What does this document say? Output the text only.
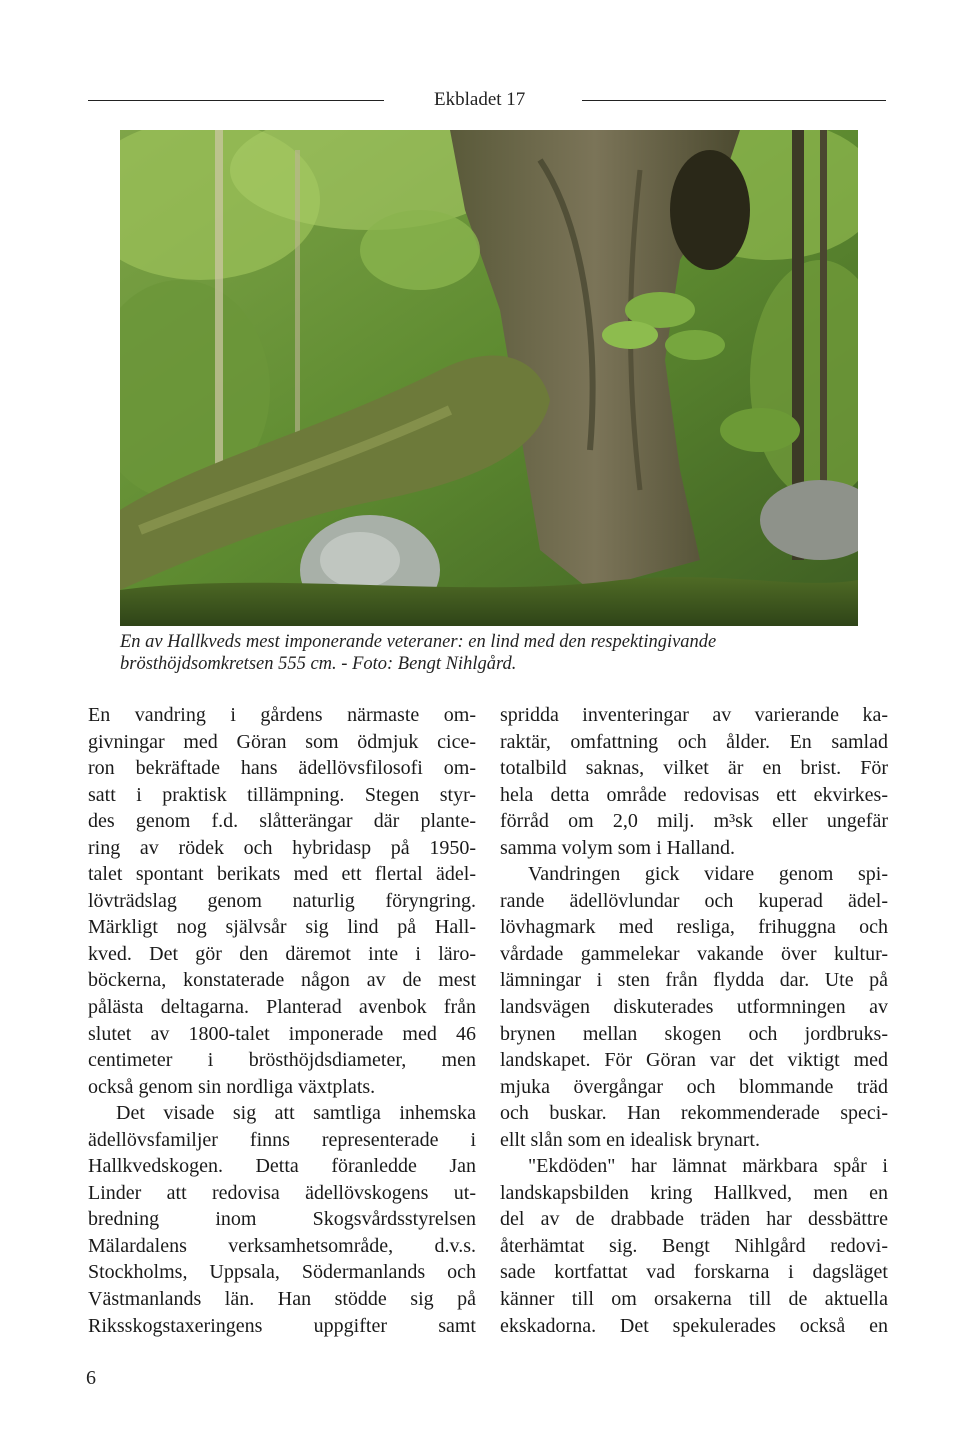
Ekbladet 17
En av Hallkveds mest imponerande veteraner: en lind med den respektingivande
brösthöjdsomkretsen 555 cm. - Foto: Bengt Nihlgård.
En vandring i gårdens närmaste om-
givningar med Göran som ödmjuk cice-
ron bekräftade hans ädellövsfilosofi om-
satt i praktisk tillämpning. Stegen styr-
des genom f.d. slåtterängar där plante-
ring av rödek och hybridasp på 1950-
talet spontant berikats med ett flertal ädel-
lövträdslag genom naturlig föryngring.
Märkligt nog självsår sig lind på Hall-
kved. Det gör den däremot inte i läro-
böckerna, konstaterade någon av de mest
pålästa deltagarna. Planterad avenbok från
slutet av 1800-talet imponerade med 46
centimeter i brösthöjdsdiameter, men
också genom sin nordliga växtplats.
Det visade sig att samtliga inhemska
ädellövsfamiljer finns representerade i
Hallkvedskogen. Detta föranledde Jan
Linder att redovisa ädellövskogens ut-
bredning inom Skogsvårdsstyrelsen
Mälardalens verksamhetsområde, d.v.s.
Stockholms, Uppsala, Södermanlands och
Västmanlands län. Han stödde sig på
Riksskogstaxeringens uppgifter samt
spridda inventeringar av varierande ka-
raktär, omfattning och ålder. En samlad
totalbild saknas, vilket är en brist. För
hela detta område redovisas ett ekvirkes-
förråd om 2,0 milj. m³sk eller ungefär
samma volym som i Halland.
Vandringen gick vidare genom spi-
rande ädellövlundar och kuperad ädel-
lövhagmark med resliga, frihuggna och
vårdade gammelekar vakande över kultur-
lämningar i sten från flydda dar. Ute på
landsvägen diskuterades utformningen av
brynen mellan skogen och jordbruks-
landskapet. För Göran var det viktigt med
mjuka övergångar och blommande träd
och buskar. Han rekommenderade speci-
ellt slån som en idealisk brynart.
"Ekdöden" har lämnat märkbara spår i
landskapsbilden kring Hallkved, men en
del av de drabbade träden har dessbättre
återhämtat sig. Bengt Nihlgård redovi-
sade kortfattat vad forskarna i dagsläget
känner till om orsakerna till de aktuella
ekskadorna. Det spekulerades också en
6
